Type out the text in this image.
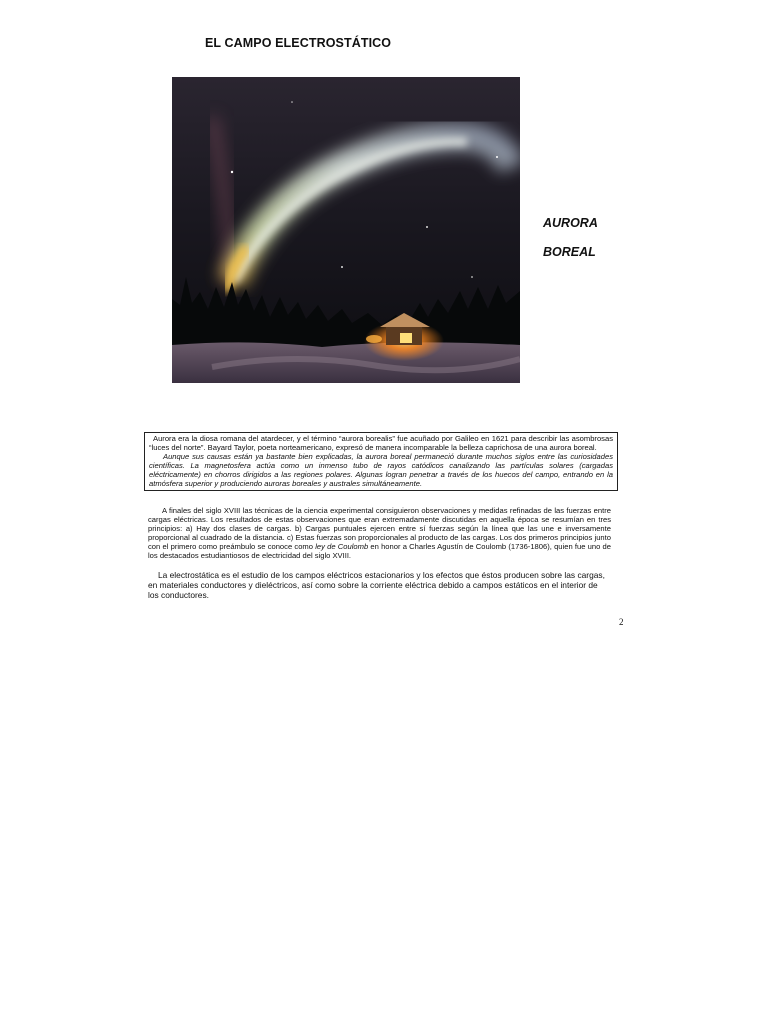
EL CAMPO ELECTROSTÁTICO
AURORA
BOREAL

Aurora era la diosa romana del atardecer, y el término “aurora borealis” fue acuñado por Galileo en 1621 para describir las asombrosas “luces del norte”. Bayard Taylor, poeta norteamericano, expresó de manera incomparable la belleza caprichosa de una aurora boreal.

Aunque sus causas están ya bastante bien explicadas, la aurora boreal permaneció durante muchos siglos entre las curiosidades científicas. La magnetosfera actúa como un inmenso tubo de rayos catódicos canalizando las partículas solares (cargadas eléctricamente) en chorros dirigidos a las regiones polares. Algunas logran penetrar a través de los huecos del campo, entrando en la atmósfera superior y produciendo auroras boreales y australes simultáneamente.

A finales del siglo XVIII las técnicas de la ciencia experimental consiguieron observaciones y medidas refinadas de las fuerzas entre cargas eléctricas. Los resultados de estas observaciones que eran extremadamente discutidas en aquella época se resumían en tres principios: a) Hay dos clases de cargas. b) Cargas puntuales ejercen entre sí fuerzas según la línea que las une e inversamente proporcional al cuadrado de la distancia. c) Estas fuerzas son proporcionales al producto de las cargas. Los dos primeros principios junto con el primero como preámbulo se conoce como ley de Coulomb en honor a Charles Agustín de Coulomb (1736-1806), quien fue uno de los destacados estudiantiosos de electricidad del siglo XVIII.

La electrostática es el estudio de los campos eléctricos estacionarios y los efectos que éstos producen sobre las cargas, en materiales conductores y dieléctricos, así como sobre la corriente eléctrica debido a campos estáticos en el interior de los conductores.

2
